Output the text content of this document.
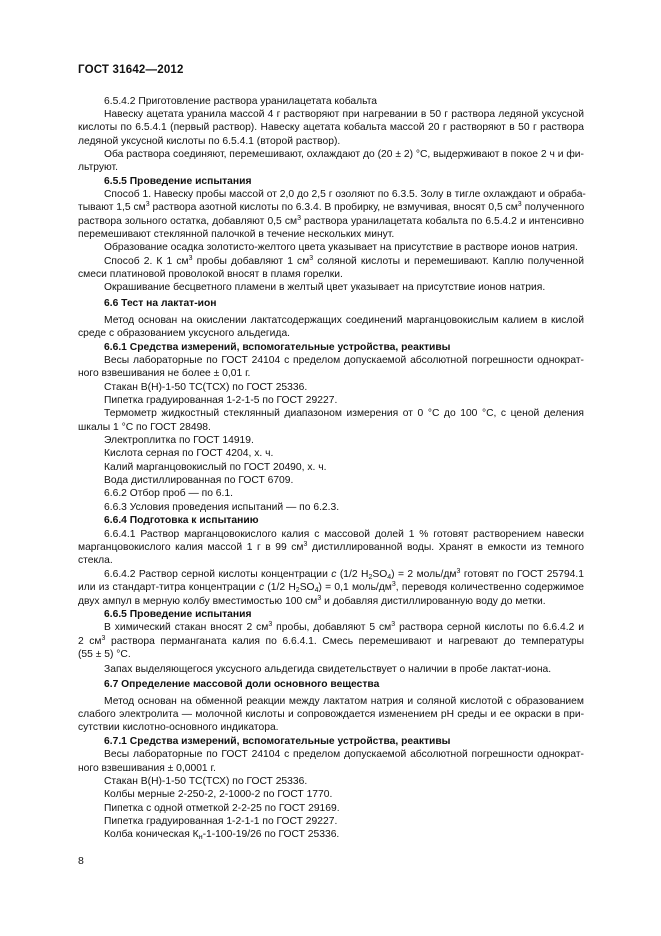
ГОСТ 31642—2012
6.5.4.2 Приготовление раствора уранилацетата кобальта
Навеску ацетата уранила массой 4 г растворяют при нагревании в 50 г раствора ледяной уксусной
кислоты по 6.5.4.1 (первый раствор). Навеску ацетата кобальта массой 20 г растворяют в 50 г раствора
ледяной уксусной кислоты по 6.5.4.1 (второй раствор).
Оба раствора соединяют, перемешивают, охлаждают до (20 ± 2) °С, выдерживают в покое 2 ч и фи-
льтруют.
6.5.5 Проведение испытания
Способ 1. Навеску пробы массой от 2,0 до 2,5 г озоляют по 6.3.5. Золу в тигле охлаждают и обраба-
тывают 1,5 $см^3$ раствора азотной кислоты по 6.3.4. В пробирку, не взмучивая, вносят 0,5 $см^3$ полученного
раствора зольного остатка, добавляют 0,5 $см^3$ раствора уранилацетата кобальта по 6.5.4.2 и интенсивно
перемешивают стеклянной палочкой в течение нескольких минут.
Образование осадка золотисто-желтого цвета указывает на присутствие в растворе ионов натрия.
Способ 2. К 1 $см^3$ пробы добавляют 1 $см^3$ соляной кислоты и перемешивают. Каплю полученной
смеси платиновой проволокой вносят в пламя горелки.
Окрашивание бесцветного пламени в желтый цвет указывает на присутствие ионов натрия.
6.6 Тест на лактат-ион
Метод основан на окислении лактатсодержащих соединений марганцовокислым калием в кислой
среде с образованием уксусного альдегида.
6.6.1 Средства измерений, вспомогательные устройства, реактивы
Весы лабораторные по ГОСТ 24104 с пределом допускаемой абсолютной погрешности однократ-
ного взвешивания не более ± 0,01 г.
Стакан В(Н)-1-50 ТС(ТСХ) по ГОСТ 25336.
Пипетка градуированная 1-2-1-5 по ГОСТ 29227.
Термометр жидкостный стеклянный диапазоном измерения от 0 °С до 100 °С, с ценой деления
шкалы 1 °С по ГОСТ 28498.
Электроплитка по ГОСТ 14919.
Кислота серная по ГОСТ 4204, х. ч.
Калий марганцовокислый по ГОСТ 20490, х. ч.
Вода дистиллированная по ГОСТ 6709.
6.6.2 Отбор проб — по 6.1.
6.6.3 Условия проведения испытаний — по 6.2.3.
6.6.4 Подготовка к испытанию
6.6.4.1 Раствор марганцовокислого калия с массовой долей 1 % готовят растворением навески
марганцовокислого калия массой 1 г в 99 $см^3$ дистиллированной воды. Хранят в емкости из темного
стекла.
6.6.4.2 Раствор серной кислоты концентрации c (1/2 $H_2SO_4) = 2$ моль/$дм^3$ готовят по ГОСТ 25794.1
или из стандарт-титра концентрации c (1/2 $H_2SO_4) = 0,1$ моль/$дм^3$, переводя количественно содержимое
двух ампул в мерную колбу вместимостью 100 $см^3$ и добавляя дистиллированную воду до метки.
6.6.5 Проведение испытания
В химический стакан вносят 2 $см^3$ пробы, добавляют 5 $см^3$ раствора серной кислоты по 6.6.4.2 и
2 $см^3$ раствора перманганата калия по 6.6.4.1. Смесь перемешивают и нагревают до температуры
(55 ± 5) °С.
Запах выделяющегося уксусного альдегида свидетельствует о наличии в пробе лактат-иона.
6.7 Определение массовой доли основного вещества
Метод основан на обменной реакции между лактатом натрия и соляной кислотой с образованием
слабого электролита — молочной кислоты и сопровождается изменением pH среды и ее окраски в при-
сутствии кислотно-основного индикатора.
6.7.1 Средства измерений, вспомогательные устройства, реактивы
Весы лабораторные по ГОСТ 24104 с пределом допускаемой абсолютной погрешности однократ-
ного взвешивания ± 0,0001 г.
Стакан В(Н)-1-50 ТС(ТСХ) по ГОСТ 25336.
Колбы мерные 2-250-2, 2-1000-2 по ГОСТ 1770.
Пипетка с одной отметкой 2-2-25 по ГОСТ 29169.
Пипетка градуированная 1-2-1-1 по ГОСТ 29227.
Колба коническая $К_н-1-100-19/26$ по ГОСТ 25336.
8
